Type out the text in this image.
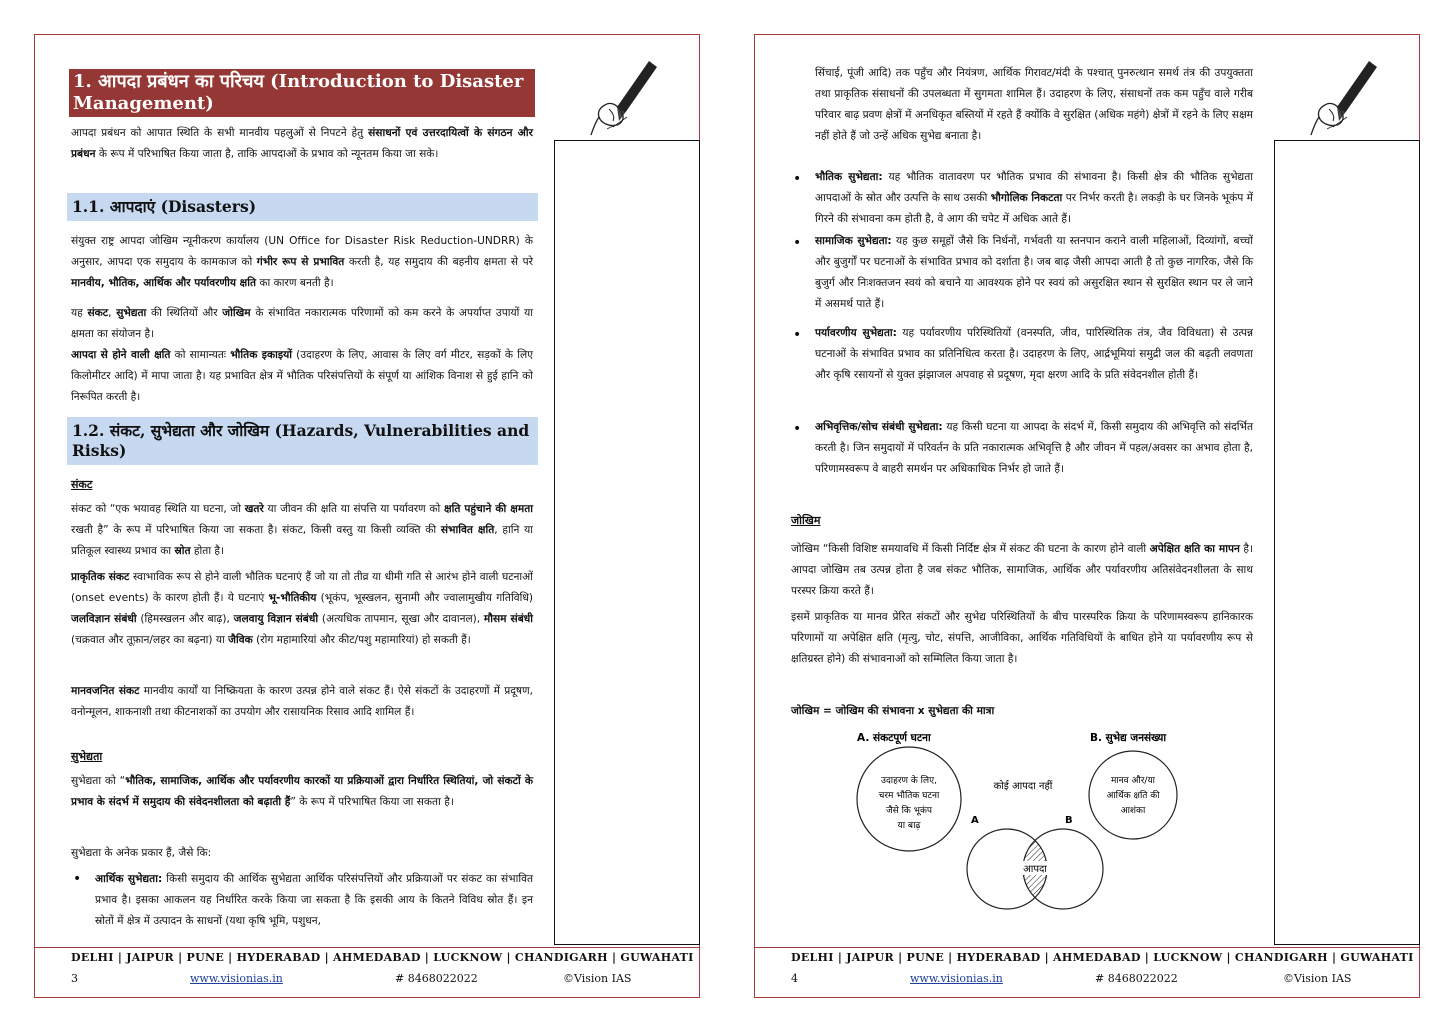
1. आपदा प्रबंधन का परिचय (Introduction to Disaster Management)
आपदा प्रबंधन को आपात स्थिति के सभी मानवीय पहलुओं से निपटने हेतु संसाधनों एवं उत्तरदायित्वों के संगठन और प्रबंधन के रूप में परिभाषित किया जाता है, ताकि आपदाओं के प्रभाव को न्यूनतम किया जा सके।
1.1. आपदाएं (Disasters)
संयुक्त राष्ट्र आपदा जोखिम न्यूनीकरण कार्यालय (UN Office for Disaster Risk Reduction-UNDRR) के अनुसार, आपदा एक समुदाय के कामकाज को गंभीर रूप से प्रभावित करती है, यह समुदाय की बहनीय क्षमता से परे मानवीय, भौतिक, आर्थिक और पर्यावरणीय क्षति का कारण बनती है।
यह संकट, सुभेद्यता की स्थितियों और जोखिम के संभावित नकारात्मक परिणामों को कम करने के अपर्याप्त उपायों या क्षमता का संयोजन है।
आपदा से होने वाली क्षति को सामान्यतः भौतिक इकाइयों (उदाहरण के लिए, आवास के लिए वर्ग मीटर, सड़कों के लिए किलोमीटर आदि) में मापा जाता है। यह प्रभावित क्षेत्र में भौतिक परिसंपत्तियों के संपूर्ण या आंशिक विनाश से हुई हानि को निरूपित करती है।
1.2. संकट, सुभेद्यता और जोखिम (Hazards, Vulnerabilities and Risks)
संकट
संकट को “एक भयावह स्थिति या घटना, जो खतरे या जीवन की क्षति या संपत्ति या पर्यावरण को क्षति पहुंचाने की क्षमता रखती है” के रूप में परिभाषित किया जा सकता है। संकट, किसी वस्तु या किसी व्यक्ति की संभावित क्षति, हानि या प्रतिकूल स्वास्थ्य प्रभाव का स्रोत होता है।
प्राकृतिक संकट स्वाभाविक रूप से होने वाली भौतिक घटनाएं हैं जो या तो तीव्र या धीमी गति से आरंभ होने वाली घटनाओं (onset events) के कारण होती हैं। ये घटनाएं भू-भौतिकीय (भूकंप, भूस्खलन, सुनामी और ज्वालामुखीय गतिविधि) जलविज्ञान संबंधी (हिमस्खलन और बाढ़), जलवायु विज्ञान संबंधी (अत्यधिक तापमान, सूखा और दावानल), मौसम संबंधी (चक्रवात और तूफ़ान/लहर का बढ़ना) या जैविक (रोग महामारियां और कीट/पशु महामारियां) हो सकती हैं।
मानवजनित संकट मानवीय कार्यों या निष्क्रियता के कारण उत्पन्न होने वाले संकट हैं। ऐसे संकटों के उदाहरणों में प्रदूषण, वनोन्मूलन, शाकनाशी तथा कीटनाशकों का उपयोग और रासायनिक रिसाव आदि शामिल हैं।
सुभेद्यता
सुभेद्यता को “भौतिक, सामाजिक, आर्थिक और पर्यावरणीय कारकों या प्रक्रियाओं द्वारा निर्धारित स्थितियां, जो संकटों के प्रभाव के संदर्भ में समुदाय की संवेदनशीलता को बढ़ाती हैं” के रूप में परिभाषित किया जा सकता है।
सुभेद्यता के अनेक प्रकार हैं, जैसे कि:
• आर्थिक सुभेद्यता: किसी समुदाय की आर्थिक सुभेद्यता आर्थिक परिसंपत्तियों और प्रक्रियाओं पर संकट का संभावित प्रभाव है। इसका आकलन यह निर्धारित करके किया जा सकता है कि इसकी आय के कितने विविध स्रोत हैं। इन स्रोतों में क्षेत्र में उत्पादन के साधनों (यथा कृषि भूमि, पशुधन,
DELHI | JAIPUR | PUNE | HYDERABAD | AHMEDABAD | LUCKNOW | CHANDIGARH | GUWAHATI
3	www.visionias.in	# 8468022022	©Vision IAS
सिंचाई, पूंजी आदि) तक पहुँच और नियंत्रण, आर्थिक गिरावट/मंदी के पश्चात् पुनरुत्थान समर्थ तंत्र की उपयुक्तता तथा प्राकृतिक संसाधनों की उपलब्धता में सुगमता शामिल हैं। उदाहरण के लिए, संसाधनों तक कम पहुँच वाले गरीब परिवार बाढ़ प्रवण क्षेत्रों में अनधिकृत बस्तियों में रहते हैं क्योंकि वे सुरक्षित (अधिक महंगे) क्षेत्रों में रहने के लिए सक्षम नहीं होते हैं जो उन्हें अधिक सुभेद्य बनाता है।
• भौतिक सुभेद्यता: यह भौतिक वातावरण पर भौतिक प्रभाव की संभावना है। किसी क्षेत्र की भौतिक सुभेद्यता आपदाओं के स्रोत और उत्पत्ति के साथ उसकी भौगोलिक निकटता पर निर्भर करती है। लकड़ी के घर जिनके भूकंप में गिरने की संभावना कम होती है, वे आग की चपेट में अधिक आते हैं।
• सामाजिक सुभेद्यता: यह कुछ समूहों जैसे कि निर्धनों, गर्भवती या स्तनपान कराने वाली महिलाओं, दिव्यांगों, बच्चों और बुजुर्गों पर घटनाओं के संभावित प्रभाव को दर्शाता है। जब बाढ़ जैसी आपदा आती है तो कुछ नागरिक, जैसे कि बुजुर्ग और निःशक्तजन स्वयं को बचाने या आवश्यक होने पर स्वयं को असुरक्षित स्थान से सुरक्षित स्थान पर ले जाने में असमर्थ पाते हैं।
• पर्यावरणीय सुभेद्यता: यह पर्यावरणीय परिस्थितियों (वनस्पति, जीव, पारिस्थितिक तंत्र, जैव विविधता) से उत्पन्न घटनाओं के संभावित प्रभाव का प्रतिनिधित्व करता है। उदाहरण के लिए, आर्द्रभूमियां समुद्री जल की बढ़ती लवणता और कृषि रसायनों से युक्त झंझाजल अपवाह से प्रदूषण, मृदा क्षरण आदि के प्रति संवेदनशील होती हैं।
• अभिवृत्तिक/सोच संबंधी सुभेद्यता: यह किसी घटना या आपदा के संदर्भ में, किसी समुदाय की अभिवृत्ति को संदर्भित करती है। जिन समुदायों में परिवर्तन के प्रति नकारात्मक अभिवृत्ति है और जीवन में पहल/अवसर का अभाव होता है, परिणामस्वरूप वे बाहरी समर्थन पर अधिकाधिक निर्भर हो जाते हैं।
जोखिम
जोखिम “किसी विशिष्ट समयावधि में किसी निर्दिष्ट क्षेत्र में संकट की घटना के कारण होने वाली अपेक्षित क्षति का मापन है। आपदा जोखिम तब उत्पन्न होता है जब संकट भौतिक, सामाजिक, आर्थिक और पर्यावरणीय अतिसंवेदनशीलता के साथ परस्पर क्रिया करते हैं।
इसमें प्राकृतिक या मानव प्रेरित संकटों और सुभेद्य परिस्थितियों के बीच पारस्परिक क्रिया के परिणामस्वरूप हानिकारक परिणामों या अपेक्षित क्षति (मृत्यु, चोट, संपत्ति, आजीविका, आर्थिक गतिविधियों के बाधित होने या पर्यावरणीय रूप से क्षतिग्रस्त होने) की संभावनाओं को सम्मिलित किया जाता है।
जोखिम = जोखिम की संभावना x सुभेद्यता की मात्रा
A. संकटपूर्ण घटना	B. सुभेद्य जनसंख्या
उदाहरण के लिए,
चरम भौतिक घटना
जैसे कि भूकंप
या बाढ़
मानव और/या
आर्थिक क्षति की
आशंका
कोई आपदा नहीं
A	B
आपदा
DELHI | JAIPUR | PUNE | HYDERABAD | AHMEDABAD | LUCKNOW | CHANDIGARH | GUWAHATI
4	www.visionias.in	# 8468022022	©Vision IAS
